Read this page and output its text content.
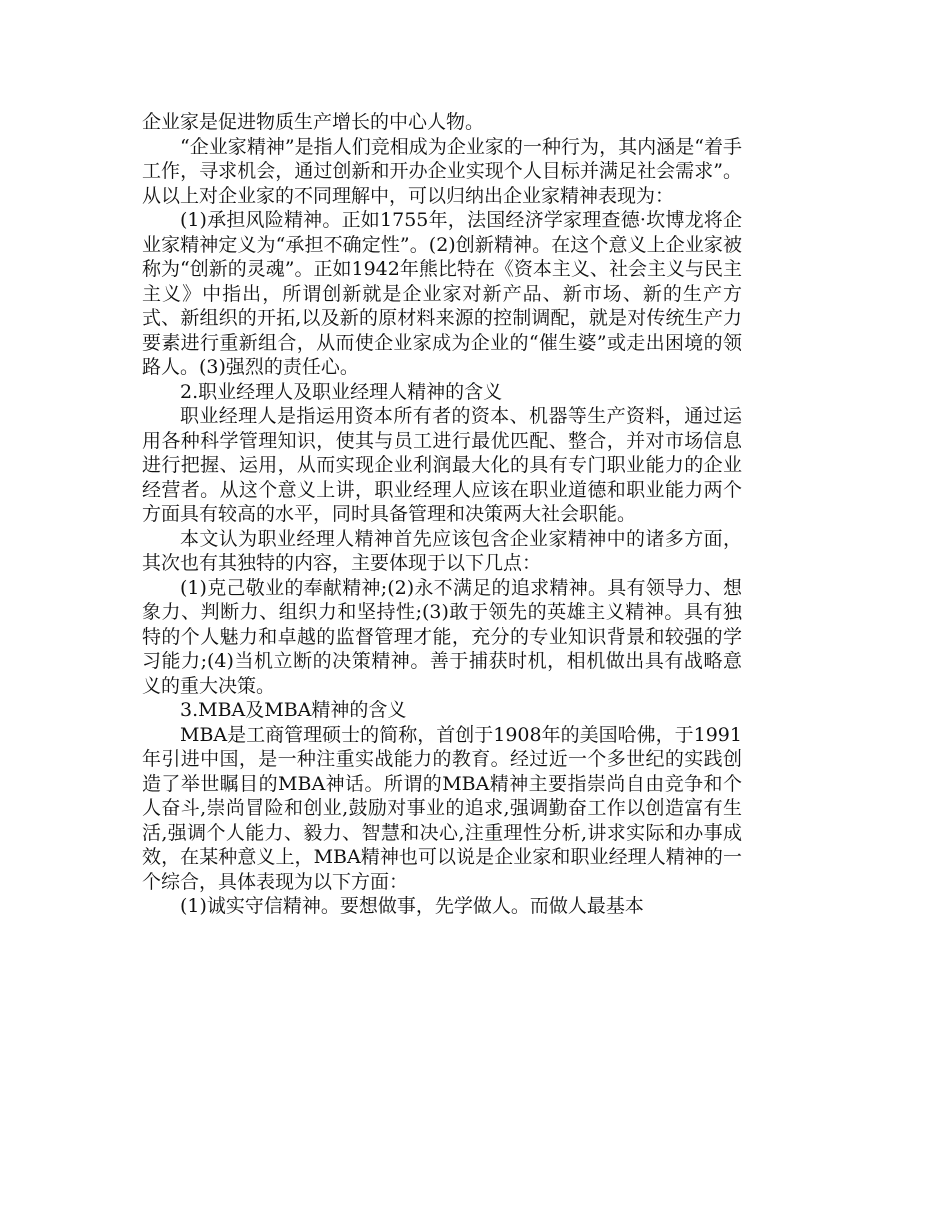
企业家是促进物质生产增长的中心人物。

“企业家精神”是指人们竞相成为企业家的一种行为，其内涵是“着手工作，寻求机会，通过创新和开办企业实现个人目标并满足社会需求”。从以上对企业家的不同理解中，可以归纳出企业家精神表现为：

(1)承担风险精神。正如1755年，法国经济学家理查德·坎博龙将企业家精神定义为“承担不确定性”。(2)创新精神。在这个意义上企业家被称为“创新的灵魂”。正如1942年熊比特在《资本主义、社会主义与民主主义》中指出，所谓创新就是企业家对新产品、新市场、新的生产方式、新组织的开拓,以及新的原材料来源的控制调配，就是对传统生产力要素进行重新组合，从而使企业家成为企业的“催生婆”或走出困境的领路人。(3)强烈的责任心。

2.职业经理人及职业经理人精神的含义

职业经理人是指运用资本所有者的资本、机器等生产资料，通过运用各种科学管理知识，使其与员工进行最优匹配、整合，并对市场信息进行把握、运用，从而实现企业利润最大化的具有专门职业能力的企业经营者。从这个意义上讲，职业经理人应该在职业道德和职业能力两个方面具有较高的水平，同时具备管理和决策两大社会职能。

本文认为职业经理人精神首先应该包含企业家精神中的诸多方面，其次也有其独特的内容，主要体现于以下几点：

(1)克己敬业的奉献精神;(2)永不满足的追求精神。具有领导力、想象力、判断力、组织力和坚持性;(3)敢于领先的英雄主义精神。具有独特的个人魅力和卓越的监督管理才能，充分的专业知识背景和较强的学习能力;(4)当机立断的决策精神。善于捕获时机，相机做出具有战略意义的重大决策。

3.MBA及MBA精神的含义

MBA是工商管理硕士的简称，首创于1908年的美国哈佛，于1991年引进中国，是一种注重实战能力的教育。经过近一个多世纪的实践创造了举世瞩目的MBA神话。所谓的MBA精神主要指崇尚自由竞争和个人奋斗,崇尚冒险和创业,鼓励对事业的追求,强调勤奋工作以创造富有生活,强调个人能力、毅力、智慧和决心,注重理性分析,讲求实际和办事成效，在某种意义上，MBA精神也可以说是企业家和职业经理人精神的一个综合，具体表现为以下方面：

(1)诚实守信精神。要想做事，先学做人。而做人最基本
